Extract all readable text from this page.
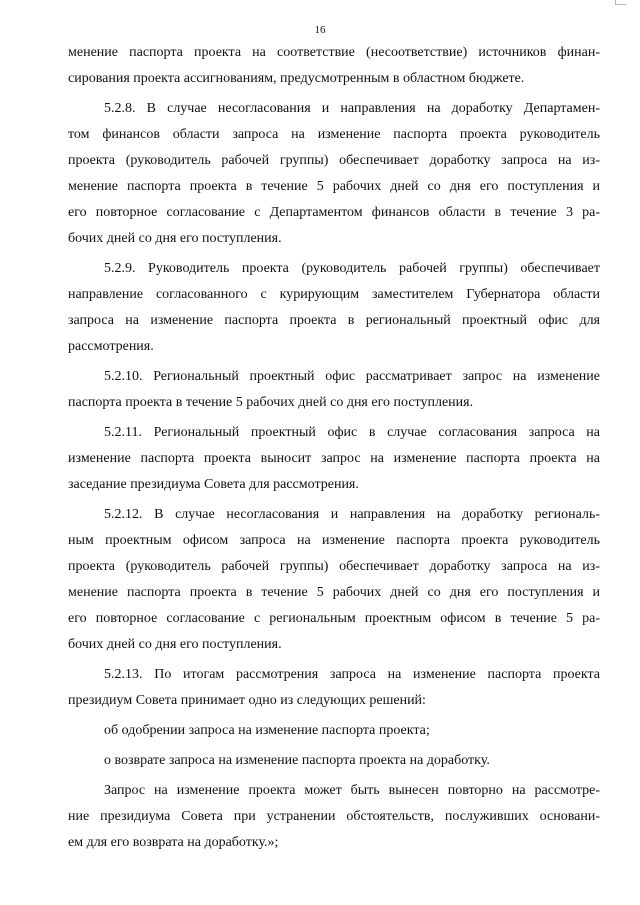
16
менение паспорта проекта на соответствие (несоответствие) источников финан-
сирования проекта ассигнованиям, предусмотренным в областном бюджете.
5.2.8. В случае несогласования и направления на доработку Департамен-
том финансов области запроса на изменение паспорта проекта руководитель
проекта (руководитель рабочей группы) обеспечивает доработку запроса на из-
менение паспорта проекта в течение 5 рабочих дней со дня его поступления и
его повторное согласование с Департаментом финансов области в течение 3 ра-
бочих дней со дня его поступления.
5.2.9. Руководитель проекта (руководитель рабочей группы) обеспечивает
направление согласованного с курирующим заместителем Губернатора области
запроса на изменение паспорта проекта в региональный проектный офис для
рассмотрения.
5.2.10. Региональный проектный офис рассматривает запрос на изменение
паспорта проекта в течение 5 рабочих дней со дня его поступления.
5.2.11. Региональный проектный офис в случае согласования запроса на
изменение паспорта проекта выносит запрос на изменение паспорта проекта на
заседание президиума Совета для рассмотрения.
5.2.12. В случае несогласования и направления на доработку региональ-
ным проектным офисом запроса на изменение паспорта проекта руководитель
проекта (руководитель рабочей группы) обеспечивает доработку запроса на из-
менение паспорта проекта в течение 5 рабочих дней со дня его поступления и
его повторное согласование с региональным проектным офисом в течение 5 ра-
бочих дней со дня его поступления.
5.2.13. По итогам рассмотрения запроса на изменение паспорта проекта
президиум Совета принимает одно из следующих решений:
об одобрении запроса на изменение паспорта проекта;
о возврате запроса на изменение паспорта проекта на доработку.
Запрос на изменение проекта может быть вынесен повторно на рассмотре-
ние президиума Совета при устранении обстоятельств, послуживших основани-
ем для его возврата на доработку.»;
